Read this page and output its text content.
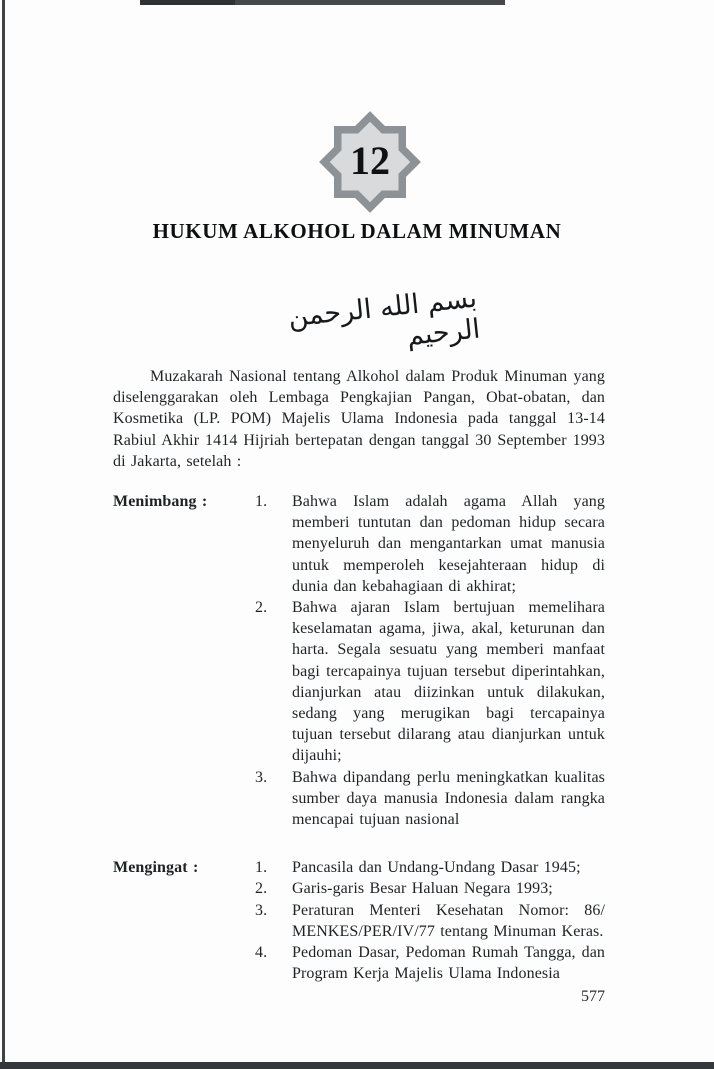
12
HUKUM ALKOHOL DALAM MINUMAN
بسم الله الرحمن الرحيم

Muzakarah Nasional tentang Alkohol dalam Produk Minuman yang diselenggarakan oleh Lembaga Pengkajian Pangan, Obat-obatan, dan Kosmetika (LP. POM) Majelis Ulama Indonesia pada tanggal 13-14 Rabiul Akhir 1414 Hijriah bertepatan dengan tanggal 30 September 1993 di Jakarta, setelah :

Menimbang :	1.	Bahwa Islam adalah agama Allah yang memberi tuntutan dan pedoman hidup secara menyeluruh dan mengantarkan umat manusia untuk memperoleh kesejahteraan hidup di dunia dan kebahagiaan di akhirat;
2.	Bahwa ajaran Islam bertujuan memelihara keselamatan agama, jiwa, akal, keturunan dan harta. Segala sesuatu yang memberi manfaat bagi tercapainya tujuan tersebut diperintahkan, dianjurkan atau diizinkan untuk dilakukan, sedang yang merugikan bagi tercapainya tujuan tersebut dilarang atau dianjurkan untuk dijauhi;
3.	Bahwa dipandang perlu meningkatkan kualitas sumber daya manusia Indonesia dalam rangka mencapai tujuan nasional
Mengingat :	1.	Pancasila dan Undang-Undang Dasar 1945;
2.	Garis-garis Besar Haluan Negara 1993;
3.	Peraturan Menteri Kesehatan Nomor: 86/ MENKES/PER/IV/77 tentang Minuman Keras.
4.	Pedoman Dasar, Pedoman Rumah Tangga, dan Program Kerja Majelis Ulama Indonesia
577
